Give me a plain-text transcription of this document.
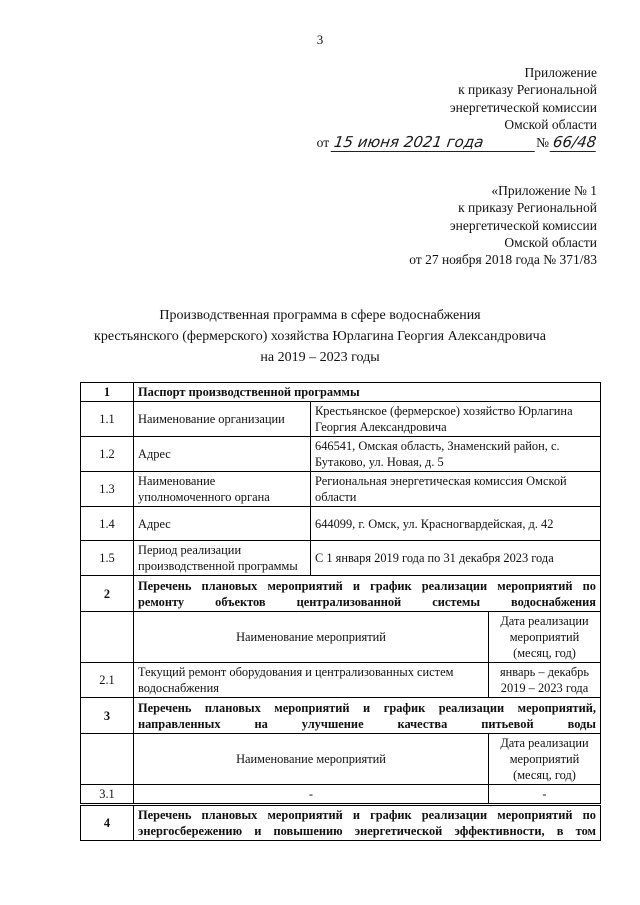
3
Приложение
к приказу Региональной
энергетической комиссии
Омской области
от 15 июня 2021 года	№ 66/48
«Приложение № 1
к приказу Региональной
энергетической комиссии
Омской области
от 27 ноября 2018 года № 371/83
Производственная программа в сфере водоснабжения
крестьянского (фермерского) хозяйства Юрлагина Георгия Александровича
на 2019 – 2023 годы
1	Паспорт производственной программы		
1.1	Наименование организации	Крестьянское (фермерское) хозяйство Юрлагина Георгия Александровича	
1.2	Адрес	646541, Омская область, Знаменский район, с. Бутаково, ул. Новая, д. 5	
1.3	Наименование уполномоченного органа	Региональная энергетическая комиссия Омской области	
1.4	Адрес	644099, г. Омск, ул. Красногвардейская, д. 42	
1.5	Период реализации производственной программы	С 1 января 2019 года по 31 декабря 2023 года	
2	Перечень плановых мероприятий и график реализации мероприятий по ремонту объектов централизованной системы водоснабжения		
	Наименование мероприятий		Дата реализации мероприятий (месяц, год)
2.1	Текущий ремонт оборудования и централизованных систем водоснабжения		январь – декабрь 2019 – 2023 года
3	Перечень плановых мероприятий и график реализации мероприятий, направленных на улучшение качества питьевой воды		
	Наименование мероприятий		Дата реализации мероприятий (месяц, год)
3.1	-		-
4	Перечень плановых мероприятий и график реализации мероприятий по энергосбережению и повышению энергетической эффективности, в том		
